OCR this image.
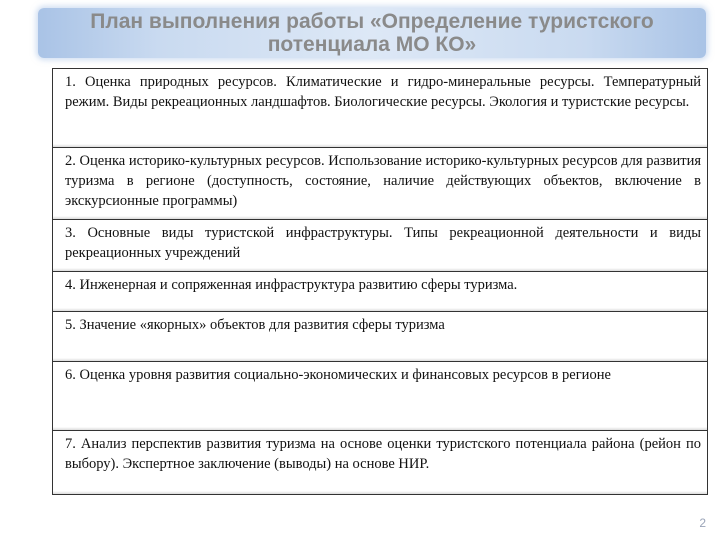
План выполнения работы «Определение туристского потенциала МО КО»

1. Оценка природных ресурсов. Климатические и гидро-минеральные ресурсы. Температурный режим. Виды рекреационных ландшафтов. Биологические ресурсы. Экология и туристские ресурсы.

2. Оценка историко-культурных ресурсов. Использование историко-культурных ресурсов для развития туризма в регионе (доступность, состояние, наличие действующих объектов, включение в экскурсионные программы)

3. Основные виды туристской инфраструктуры. Типы рекреационной деятельности и виды рекреационных учреждений

4. Инженерная и сопряженная инфраструктура развитию сферы туризма.

5. Значение «якорных» объектов для развития сферы туризма

6. Оценка уровня развития социально-экономических и финансовых ресурсов в регионе

7. Анализ перспектив развития туризма на основе оценки туристского потенциала района (рейон по выбору). Экспертное заключение (выводы) на основе НИР.

2
